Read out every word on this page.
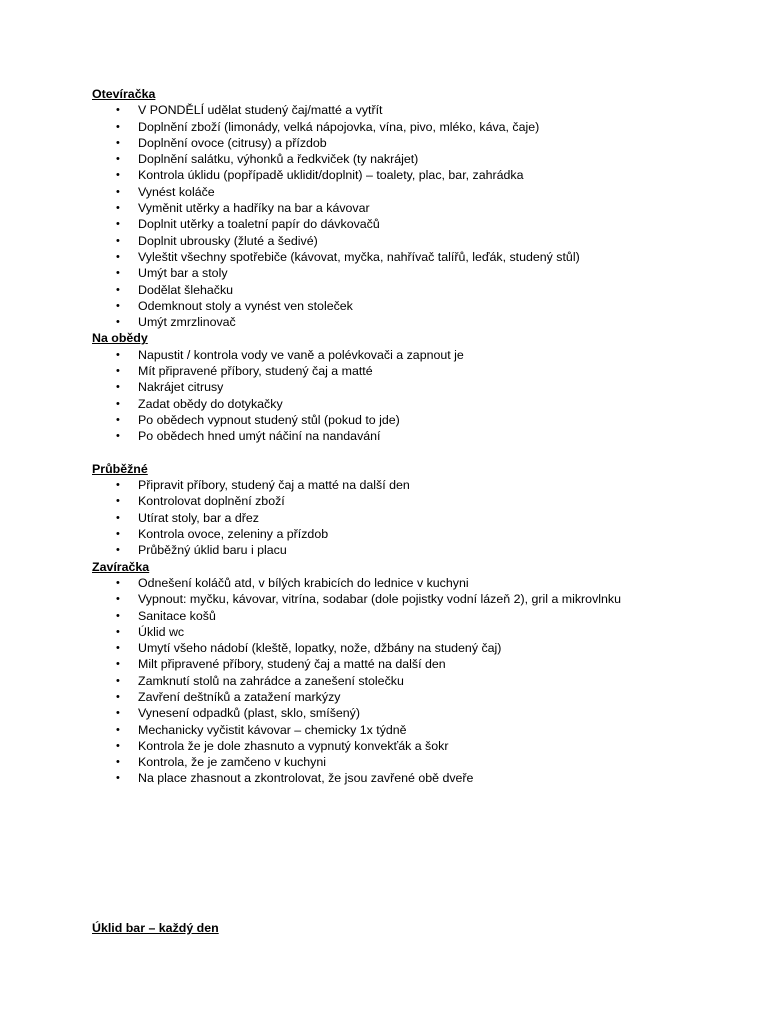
Otevíračka
• V PONDĚLÍ udělat studený čaj/matté a vytřít
• Doplnění zboží (limonády, velká nápojovka, vína, pivo, mléko, káva, čaje)
• Doplnění ovoce (citrusy) a přízdob
• Doplnění salátku, výhonků a ředkviček (ty nakrájet)
• Kontrola úklidu (popřípadě uklidit/doplnit) – toalety, plac, bar, zahrádka
• Vynést koláče
• Vyměnit utěrky a hadříky na bar a kávovar
• Doplnit utěrky a toaletní papír do dávkovačů
• Doplnit ubrousky (žluté a šedivé)
• Vyleštit všechny spotřebiče (kávovat, myčka, nahřívač talířů, leďák, studený stůl)
• Umýt bar a stoly
• Dodělat šlehačku
• Odemknout stoly a vynést ven stoleček
• Umýt zmrzlinovač
Na obědy
• Napustit / kontrola vody ve vaně a polévkovači a zapnout je
• Mít připravené příbory, studený čaj a matté
• Nakrájet citrusy
• Zadat obědy do dotykačky
• Po obědech vypnout studený stůl (pokud to jde)
• Po obědech hned umýt náčiní na nandavání
Průběžné
• Připravit příbory, studený čaj a matté na další den
• Kontrolovat doplnění zboží
• Utírat stoly, bar a dřez
• Kontrola ovoce, zeleniny a přízdob
• Průběžný úklid baru i placu
Zavíračka
• Odnešení koláčů atd, v bílých krabicích do lednice v kuchyni
• Vypnout: myčku, kávovar, vitrína, sodabar (dole pojistky vodní lázeň 2), gril a mikrovlnku
• Sanitace košů
• Úklid wc
• Umytí všeho nádobí (kleště, lopatky, nože, džbány na studený čaj)
• Milt připravené příbory, studený čaj a matté na další den
• Zamknutí stolů na zahrádce a zanešení stolečku
• Zavření deštníků a zatažení markýzy
• Vynesení odpadků (plast, sklo, smíšený)
• Mechanicky vyčistit kávovar – chemicky 1x týdně
• Kontrola že je dole zhasnuto a vypnutý konvekťák a šokr
• Kontrola, že je zamčeno v kuchyni
• Na place zhasnout a zkontrolovat, že jsou zavřené obě dveře
Úklid bar – každý den
